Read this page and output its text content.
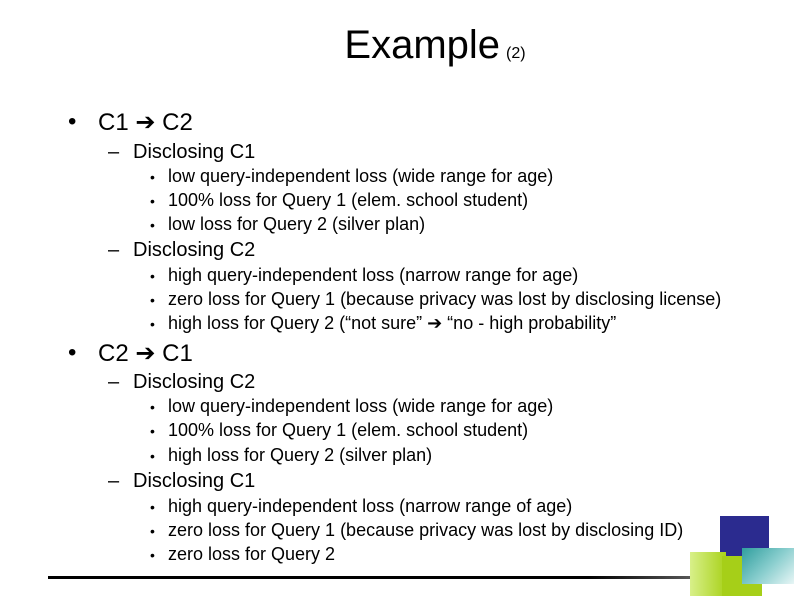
Example (2)
• C1 ➔ C2
– Disclosing C1
• low query-independent loss (wide range for age)
• 100% loss for Query 1 (elem. school student)
• low loss for Query 2 (silver plan)
– Disclosing C2
• high query-independent loss (narrow range for age)
• zero loss for Query 1 (because privacy was lost by disclosing license)
• high loss for Query 2 (“not sure” ➔ “no - high probability”
• C2 ➔ C1
– Disclosing C2
• low query-independent loss (wide range for age)
• 100% loss for Query 1 (elem. school student)
• high loss for Query 2 (silver plan)
– Disclosing C1
• high query-independent loss (narrow range of age)
• zero loss for Query 1 (because privacy was lost by disclosing ID)
• zero loss for Query 2
